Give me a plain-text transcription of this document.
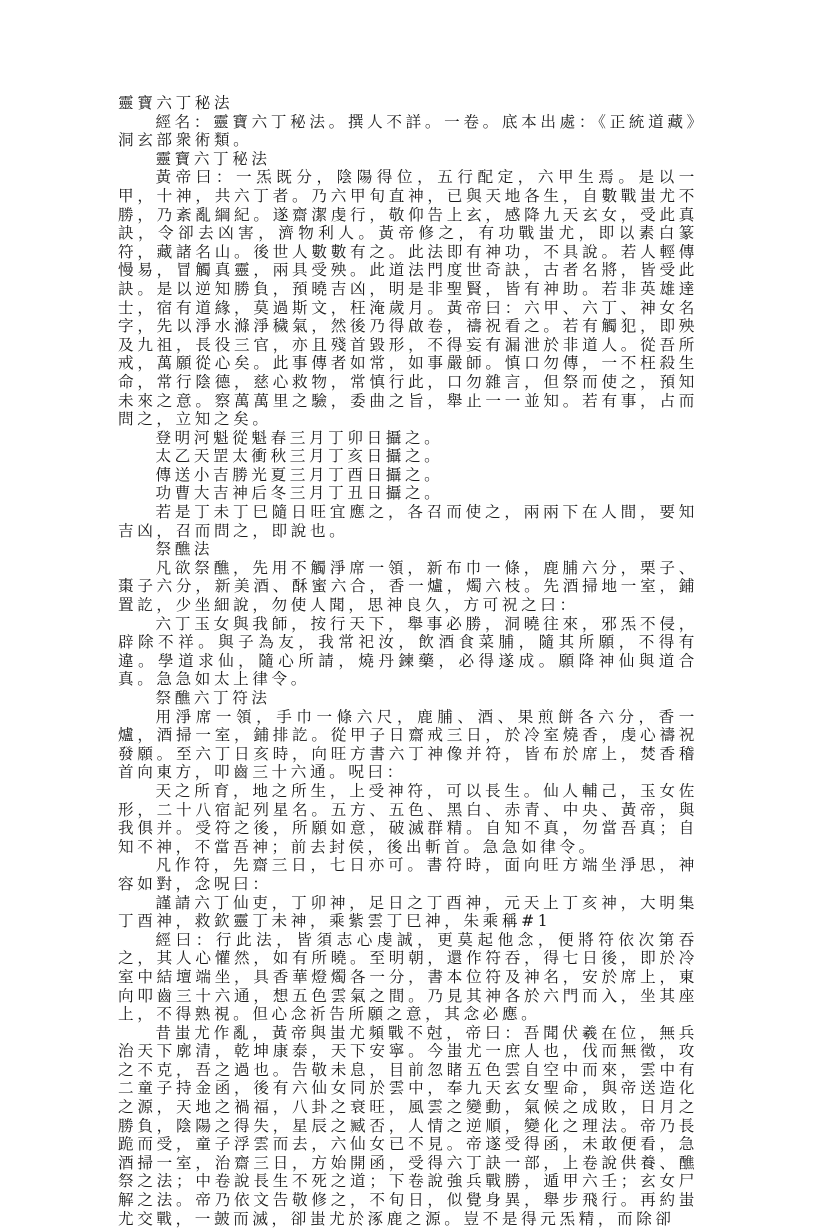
靈寶六丁秘法

經名：靈寶六丁秘法。撰人不詳。一卷。底本出處：《正統道藏》洞玄部衆術類。

靈寶六丁秘法

黃帝曰：一炁既分，陰陽得位，五行配定，六甲生焉。是以一甲，十神，共六丁者。乃六甲旬直神，已與天地各生，自數戰蚩尤不勝，乃紊亂綱紀。遂齋潔虔行，敬仰告上玄，感降九天玄女，受此真訣，令卻去凶害，濟物利人。黃帝修之，有功戰蚩尤，即以素白篆符，藏諸名山。後世人數數有之。此法即有神功，不具說。若人輕傳慢易，冒觸真靈，兩具受殃。此道法門度世奇訣，古者名將，皆受此訣。是以逆知勝負，預曉吉凶，明是非聖賢，皆有神助。若非英雄達士，宿有道緣，莫過斯文，枉淹歲月。黃帝曰：六甲、六丁、神女名字，先以淨水滌淨穢氣，然後乃得啟卷，禱祝看之。若有觸犯，即殃及九祖，長役三官，亦且殘首毀形，不得妄有漏泄於非道人。從吾所戒，萬願從心矣。此事傳者如常，如事嚴師。慎口勿傳，一不枉殺生命，常行陰德，慈心救物，常慎行此，口勿雜言，但祭而使之，預知未來之意。察萬萬里之驗，委曲之旨，舉止一一並知。若有事，占而問之，立知之矣。

登明河魁從魁春三月丁卯日攝之。

太乙天罡太衝秋三月丁亥日攝之。

傳送小吉勝光夏三月丁酉日攝之。

功曹大吉神后冬三月丁丑日攝之。

若是丁未丁巳隨日旺宜應之，各召而使之，兩兩下在人間，要知吉凶，召而問之，即說也。

祭醮法

凡欲祭醮，先用不觸淨席一領，新布巾一條，鹿脯六分，栗子、棗子六分，新美酒、酥蜜六合，香一爐，燭六枝。先酒掃地一室，鋪置訖，少坐細說，勿使人聞，思神良久，方可祝之曰：

六丁玉女與我師，按行天下，舉事必勝，洞曉往來，邪炁不侵，辟除不祥。與子為友，我常祀汝，飲酒食菜脯，隨其所願，不得有違。學道求仙，隨心所請，燒丹鍊藥，必得遂成。願降神仙與道合真。急急如太上律令。

祭醮六丁符法

用淨席一領，手巾一條六尺，鹿脯、酒、果煎餅各六分，香一爐，酒掃一室，鋪排訖。從甲子日齋戒三日，於冷室燒香，虔心禱祝發願。至六丁日亥時，向旺方書六丁神像并符，皆布於席上，焚香稽首向東方，叩齒三十六通。呪曰：

天之所育，地之所生，上受神符，可以長生。仙人輔己，玉女佐形，二十八宿記列星名。五方、五色、黑白、赤青、中央、黃帝，與我俱并。受符之後，所願如意，破滅群精。自知不真，勿當吾真；自知不神，不當吾神；前去封侯，後出斬首。急急如律令。

凡作符，先齋三日，七日亦可。書符時，面向旺方端坐淨思，神容如對，念呪曰：

謹請六丁仙吏，丁卯神，足日之丁酉神，元天上丁亥神，大明集丁酉神，救欽靈丁未神，乘紫雲丁巳神，朱乘稱#1

經曰：行此法，皆須志心虔誠，更莫起他念，便將符依次第吞之，其人心懽然，如有所曉。至明朝，還作符吞，得七日後，即於冷室中結壇端坐，具香華燈燭各一分，書本位符及神名，安於席上，東向叩齒三十六通，想五色雲氣之間。乃見其神各於六門而入，坐其座上，不得熟視。但心念祈告所願之意，其念必應。

昔蚩尤作亂，黃帝與蚩尤頻戰不尅，帝曰：吾聞伏羲在位，無兵治天下廓清，乾坤康泰，天下安寧。今蚩尤一庶人也，伐而無徵，攻之不克，吾之過也。告敬未息，目前忽睹五色雲自空中而來，雲中有二童子持金函，後有六仙女同於雲中，奉九天玄女聖命，與帝送造化之源，天地之禍福，八卦之衰旺，風雲之變動，氣候之成敗，日月之勝負，陰陽之得失，星辰之臧否，人情之逆順，變化之理法。帝乃長跪而受，童子浮雲而去，六仙女已不見。帝遂受得函，未敢便看，急酒掃一室，治齋三日，方始開函，受得六丁訣一部，上卷說供養、醮祭之法；中卷說長生不死之道；下卷說強兵戰勝，遁甲六壬；玄女尸解之法。帝乃依文告敬修之，不旬日，似覺身異，舉步飛行。再約蚩尤交戰，一皷而滅，卻蚩尤於涿鹿之源。豈不是得元炁精，而除卻
